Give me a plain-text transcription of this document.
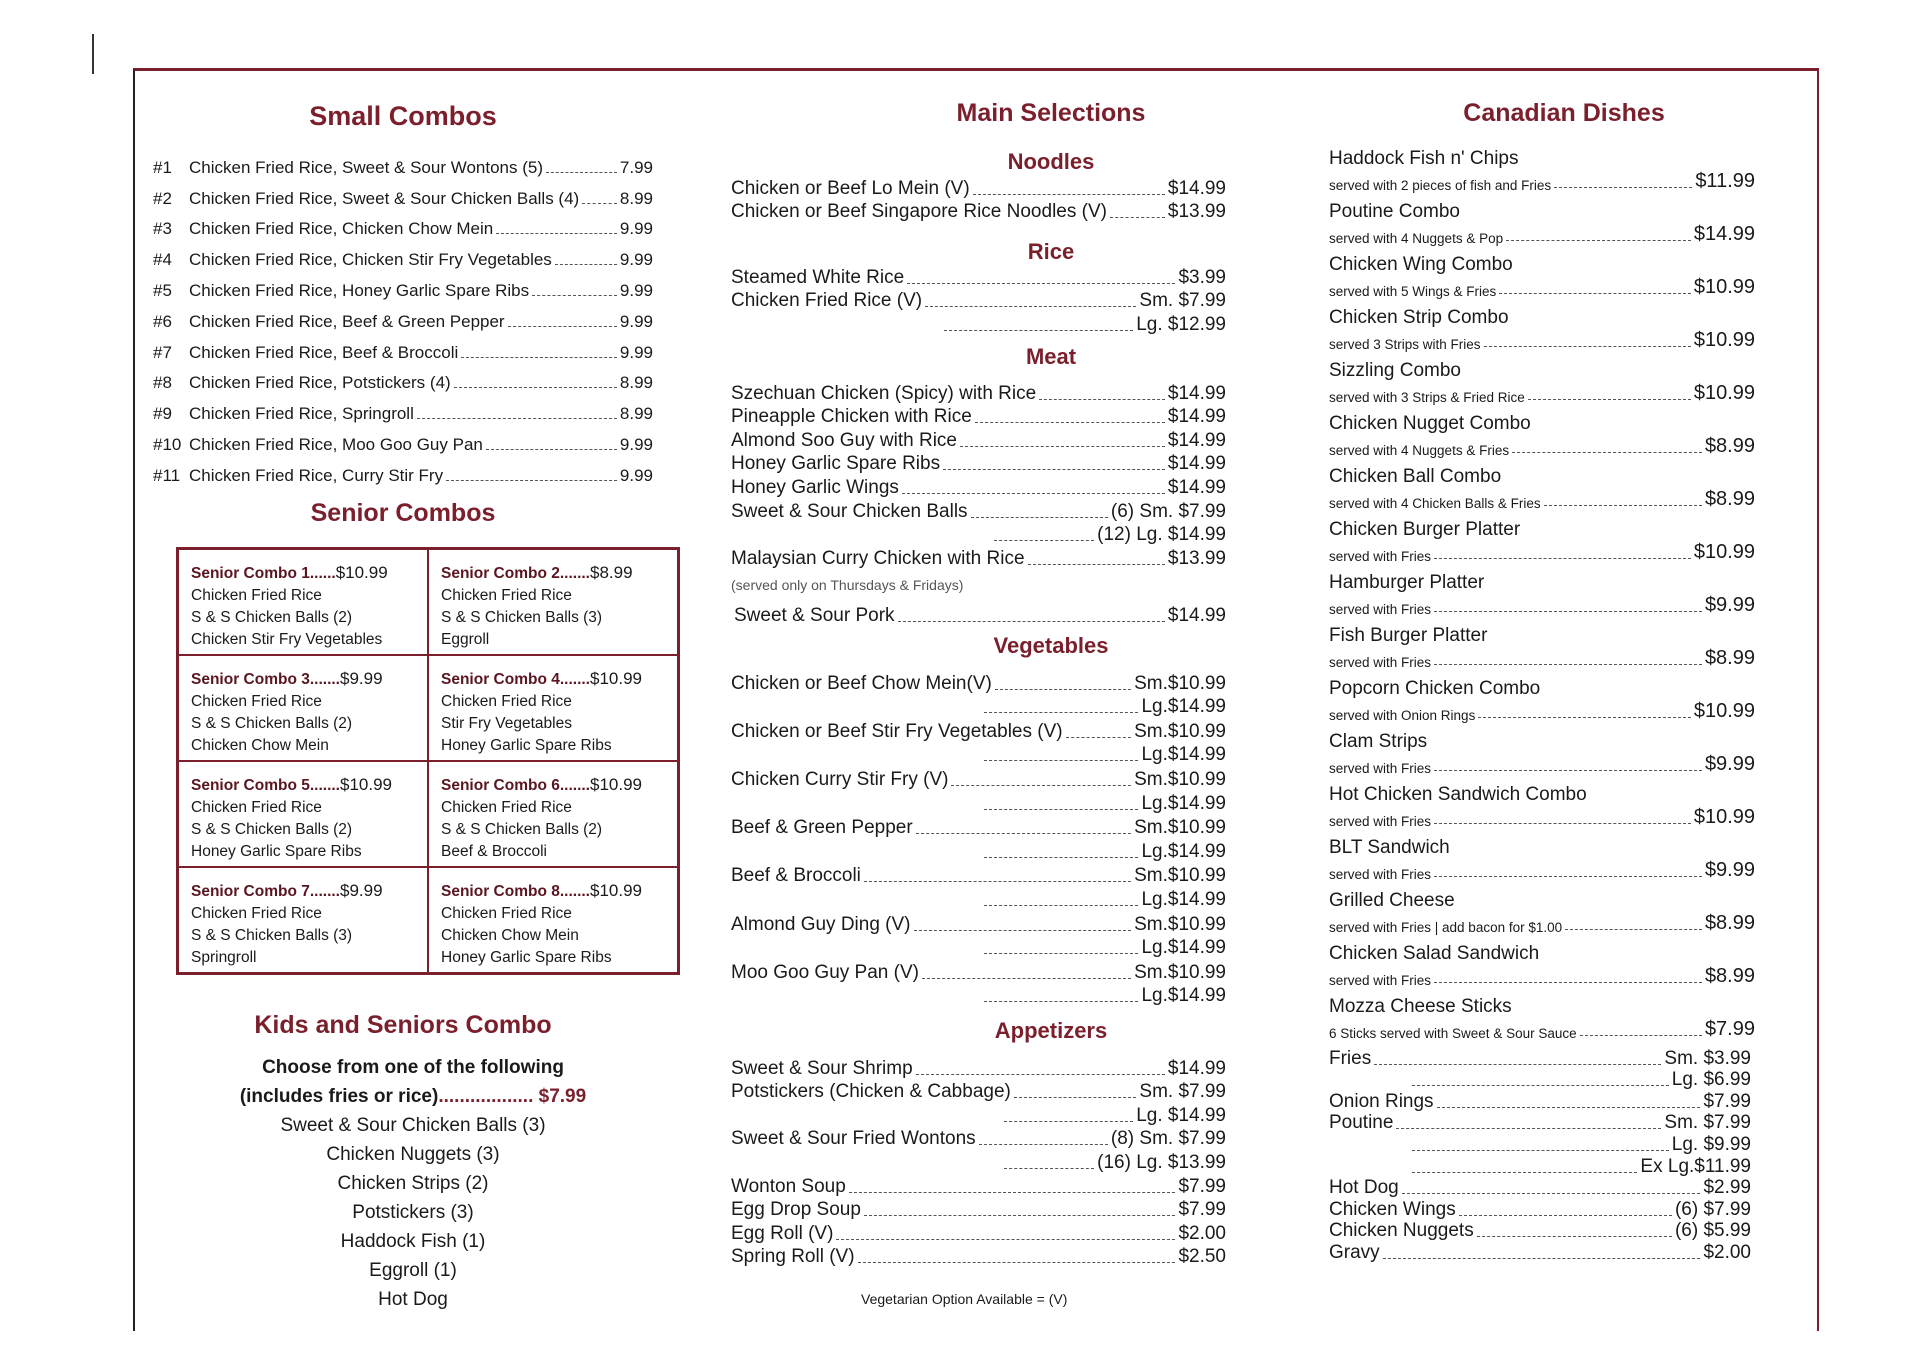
Small Combos
#1	Chicken Fried Rice, Sweet & Sour Wontons (5)	7.99
#2	Chicken Fried Rice, Sweet & Sour Chicken Balls (4) 8.99
#3	Chicken Fried Rice, Chicken Chow Mein	9.99
#4	Chicken Fried Rice, Chicken Stir Fry Vegetables	9.99
#5	Chicken Fried Rice, Honey Garlic Spare Ribs	9.99
#6	Chicken Fried Rice, Beef & Green Pepper	9.99
#7	Chicken Fried Rice, Beef & Broccoli	9.99
#8	Chicken Fried Rice, Potstickers (4)	8.99
#9	Chicken Fried Rice, Springroll	8.99
#10 Chicken Fried Rice, Moo Goo Guy Pan	9.99
#11 Chicken Fried Rice, Curry Stir Fry	9.99
Senior Combos
Senior Combo 1......$10.99
Chicken Fried Rice
S & S Chicken Balls (2)
Chicken Stir Fry Vegetables
Senior Combo 2.......$8.99
Chicken Fried Rice
S & S Chicken Balls (3)
Eggroll
Senior Combo 3.......$9.99
Chicken Fried Rice
S & S Chicken Balls (2)
Chicken Chow Mein
Senior Combo 4.......$10.99
Chicken Fried Rice
Stir Fry Vegetables
Honey Garlic Spare Ribs
Senior Combo 5.......$10.99
Chicken Fried Rice
S & S Chicken Balls (2)
Honey Garlic Spare Ribs
Senior Combo 6.......$10.99
Chicken Fried Rice
S & S Chicken Balls (2)
Beef & Broccoli
Senior Combo 7.......$9.99
Chicken Fried Rice
S & S Chicken Balls (3)
Springroll
Senior Combo 8.......$10.99
Chicken Fried Rice
Chicken Chow Mein
Honey Garlic Spare Ribs
Kids and Seniors Combo
Choose from one of the following
(includes fries or rice).................. $7.99
Sweet & Sour Chicken Balls (3)
Chicken Nuggets (3)
Chicken Strips (2)
Potstickers (3)
Haddock Fish (1)
Eggroll (1)
Hot Dog
Main Selections
Noodles
Chicken or Beef Lo Mein (V)	$14.99
Chicken or Beef Singapore Rice Noodles (V)	$13.99
Rice
Steamed White Rice	$3.99
Chicken Fried Rice (V)	Sm. $7.99
Lg. $12.99
Meat
Szechuan Chicken (Spicy) with Rice	$14.99
Pineapple Chicken with Rice	$14.99
Almond Soo Guy with Rice	$14.99
Honey Garlic Spare Ribs	$14.99
Honey Garlic Wings	$14.99
Sweet & Sour Chicken Balls	(6) Sm. $7.99
(12) Lg. $14.99
Malaysian Curry Chicken with Rice	$13.99
(served only on Thursdays & Fridays)
Sweet & Sour Pork	$14.99
Vegetables
Chicken or Beef Chow Mein(V)	Sm.$10.99
Lg.$14.99
Chicken or Beef Stir Fry Vegetables (V)	Sm.$10.99
Lg.$14.99
Chicken Curry Stir Fry (V)	Sm.$10.99
Lg.$14.99
Beef & Green Pepper	Sm.$10.99
Lg.$14.99
Beef & Broccoli	Sm.$10.99
Lg.$14.99
Almond Guy Ding (V)	Sm.$10.99
Lg.$14.99
Moo Goo Guy Pan (V)	Sm.$10.99
Lg.$14.99
Appetizers
Sweet & Sour Shrimp	$14.99
Potstickers (Chicken & Cabbage)	Sm. $7.99
Lg. $14.99
Sweet & Sour Fried Wontons	(8) Sm. $7.99
(16) Lg. $13.99
Wonton Soup	$7.99
Egg Drop Soup	$7.99
Egg Roll (V)	$2.00
Spring Roll (V)	$2.50
Vegetarian Option Available = (V)
Canadian Dishes
Haddock Fish n' Chips
served with 2 pieces of fish and Fries	$11.99
Poutine Combo
served with 4 Nuggets & Pop	$14.99
Chicken Wing Combo
served with 5 Wings & Fries	$10.99
Chicken Strip Combo
served 3 Strips with Fries	$10.99
Sizzling Combo
served with 3 Strips & Fried Rice	$10.99
Chicken Nugget Combo
served with 4 Nuggets & Fries	$8.99
Chicken Ball Combo
served with 4 Chicken Balls & Fries	$8.99
Chicken Burger Platter
served with Fries	$10.99
Hamburger Platter
served with Fries	$9.99
Fish Burger Platter
served with Fries	$8.99
Popcorn Chicken Combo
served with Onion Rings	$10.99
Clam Strips
served with Fries	$9.99
Hot Chicken Sandwich Combo
served with Fries	$10.99
BLT Sandwich
served with Fries	$9.99
Grilled Cheese
served with Fries | add bacon for $1.00	$8.99
Chicken Salad Sandwich
served with Fries	$8.99
Mozza Cheese Sticks
6 Sticks served with Sweet & Sour Sauce	$7.99
Fries	Sm. $3.99
Lg. $6.99
Onion Rings	$7.99
Poutine	Sm. $7.99
Lg. $9.99
Ex Lg.$11.99
Hot Dog	$2.99
Chicken Wings	(6) $7.99
Chicken Nuggets	(6) $5.99
Gravy	$2.00
